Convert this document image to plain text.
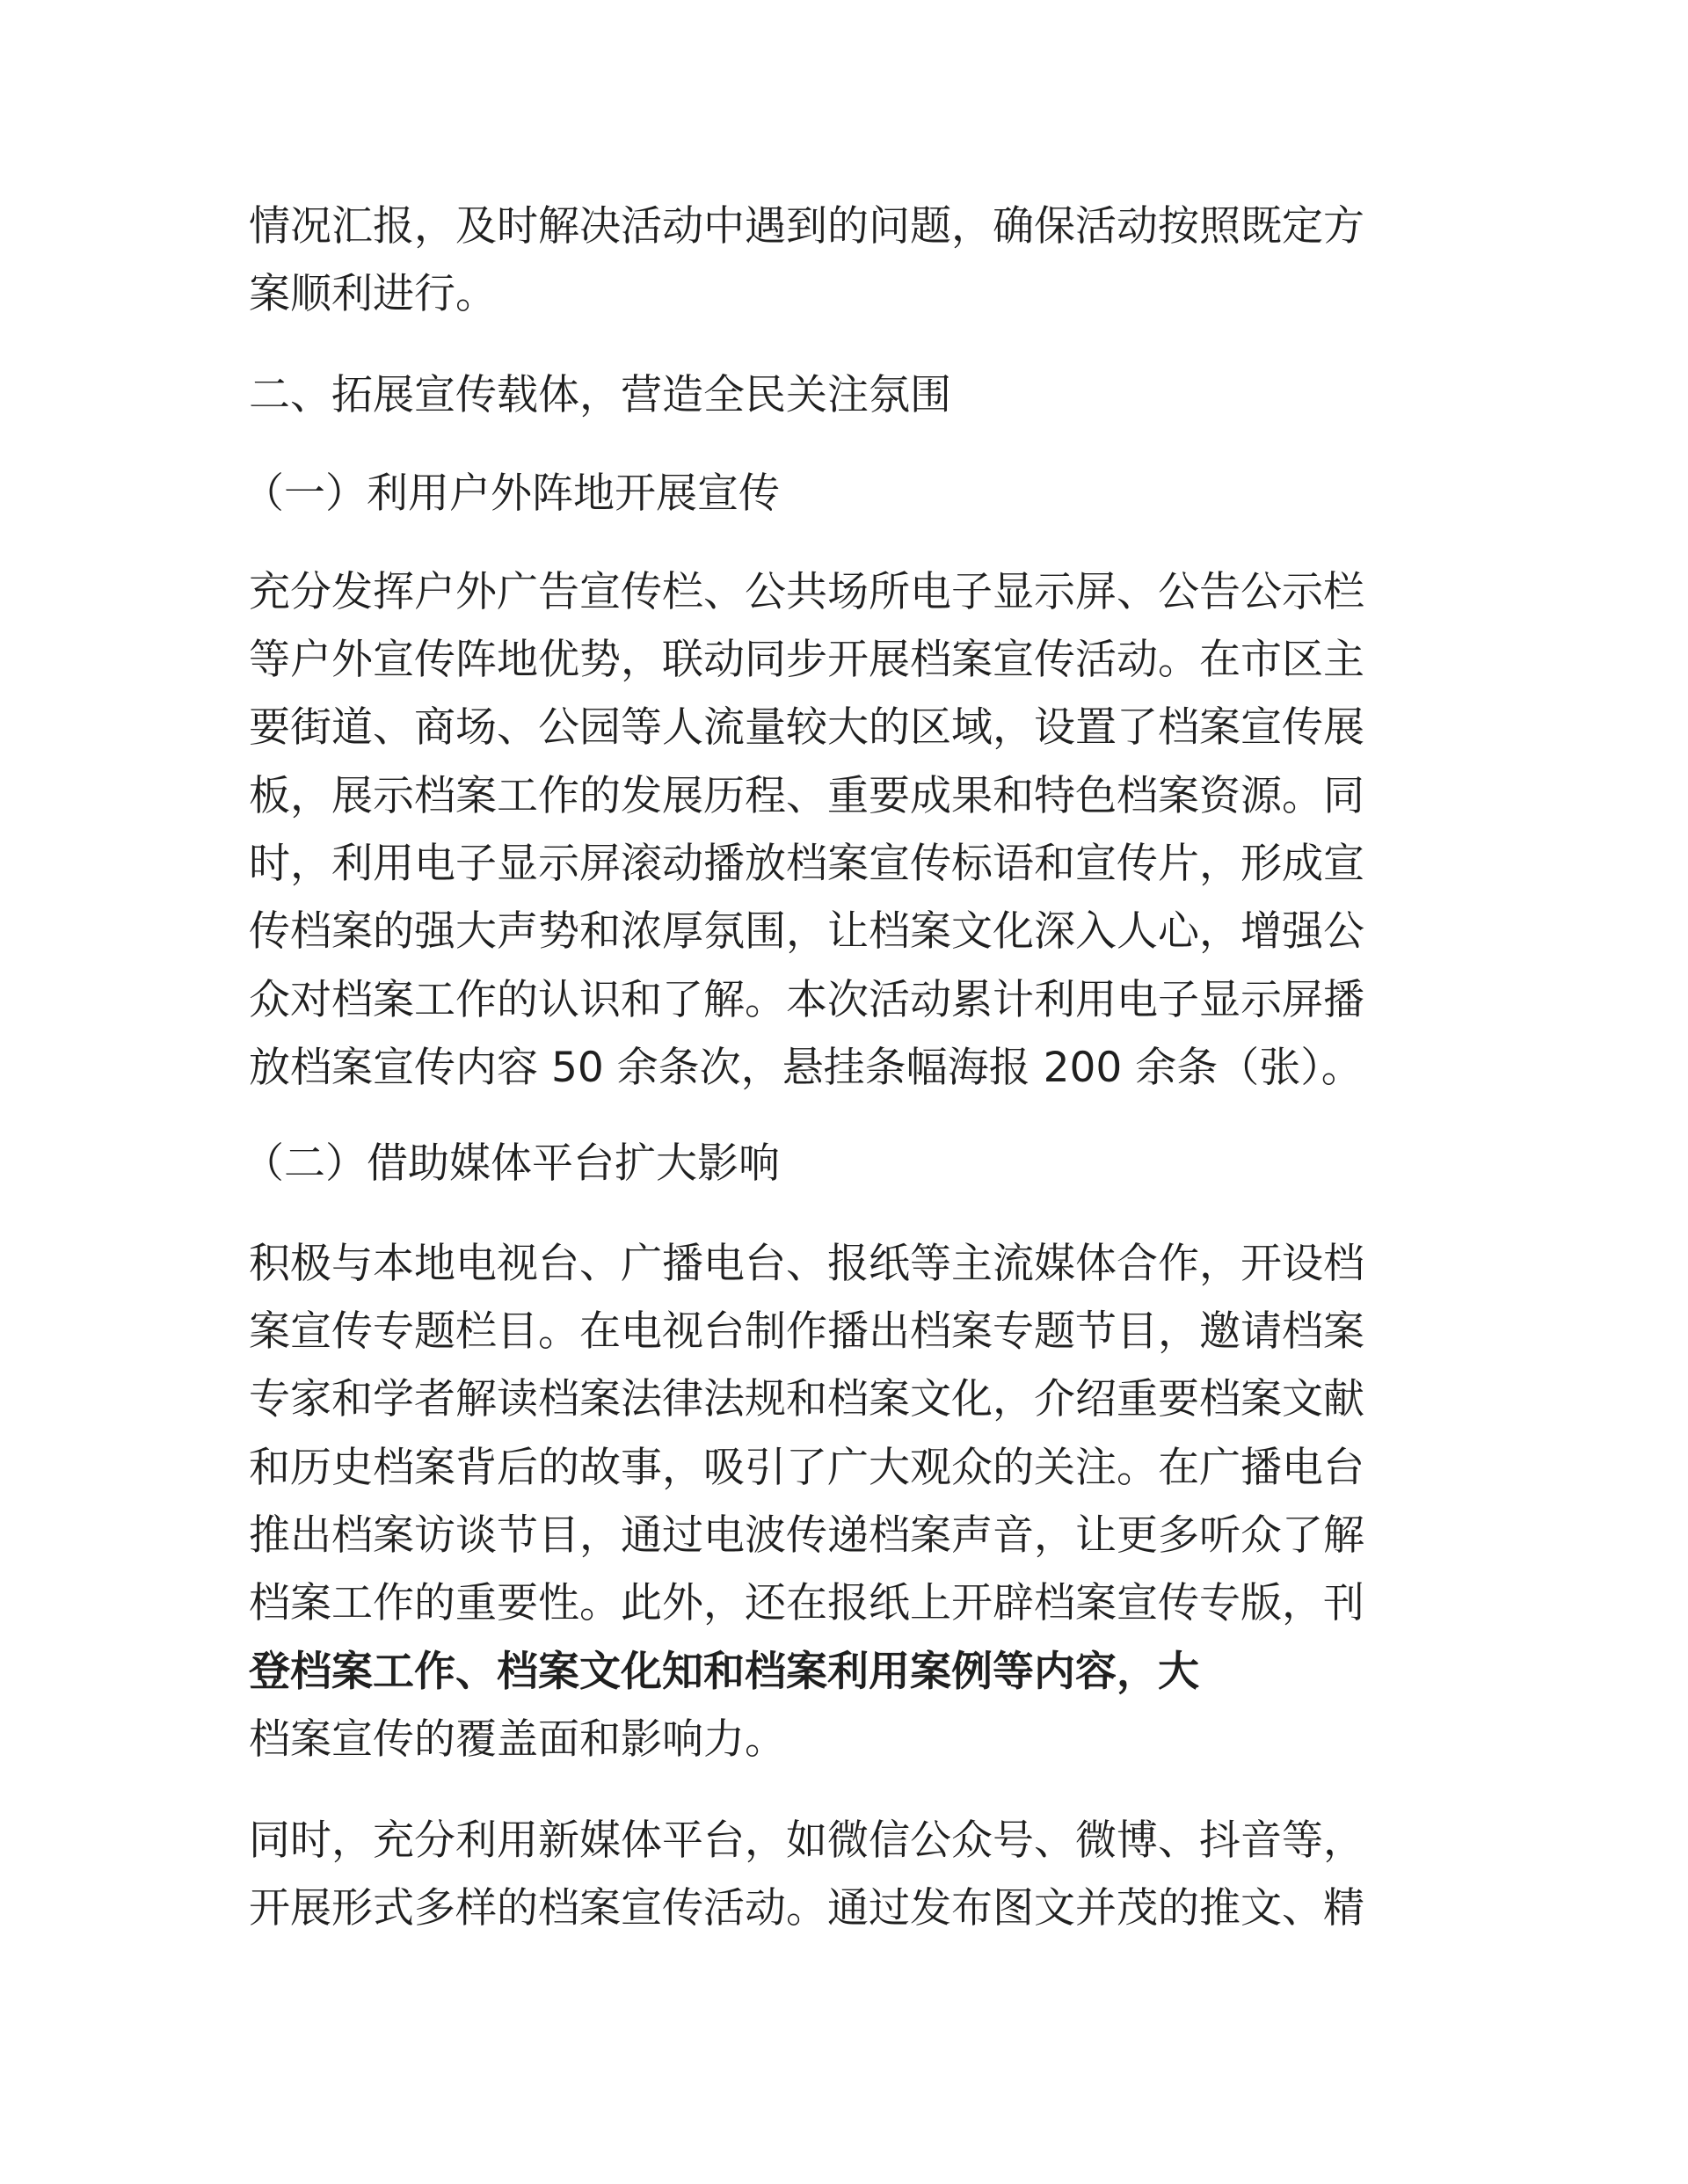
情况汇报，及时解决活动中遇到的问题，确保活动按照既定方
案顺利进行。
二、拓展宣传载体，营造全民关注氛围
（一）利用户外阵地开展宣传
充分发挥户外广告宣传栏、公共场所电子显示屏、公告公示栏
等户外宣传阵地优势，联动同步开展档案宣传活动。在市区主
要街道、商场、公园等人流量较大的区域，设置了档案宣传展
板，展示档案工作的发展历程、重要成果和特色档案资源。同
时，利用电子显示屏滚动播放档案宣传标语和宣传片，形成宣
传档案的强大声势和浓厚氛围，让档案文化深入人心，增强公
众对档案工作的认识和了解。本次活动累计利用电子显示屏播
放档案宣传内容 50 余条次，悬挂条幅海报 200 余条（张）。
（二）借助媒体平台扩大影响
积极与本地电视台、广播电台、报纸等主流媒体合作，开设档
案宣传专题栏目。在电视台制作播出档案专题节目，邀请档案
专家和学者解读档案法律法规和档案文化，介绍重要档案文献
和历史档案背后的故事，吸引了广大观众的关注。在广播电台
推出档案访谈节目，通过电波传递档案声音，让更多听众了解
档案工作的重要性。此外，还在报纸上开辟档案宣传专版，刊
登档案工作、档案文化知和档案利用案例等内容，大
档案宣传的覆盖面和影响力。
同时，充分利用新媒体平台，如微信公众号、微博、抖音等，
开展形式多样的档案宣传活动。通过发布图文并茂的推文、精
